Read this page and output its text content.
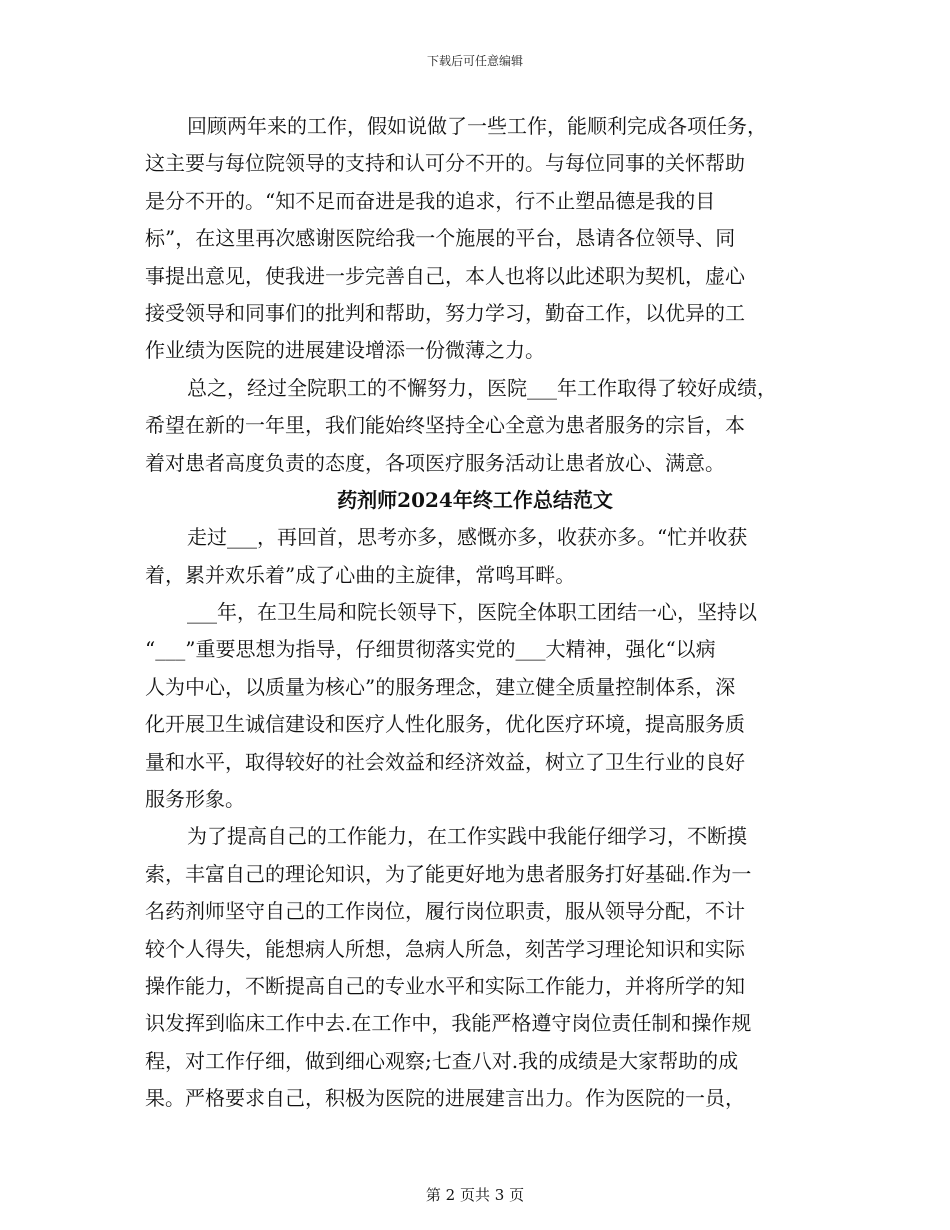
下载后可任意编辑
回顾两年来的工作，假如说做了一些工作，能顺利完成各项任务，
这主要与每位院领导的支持和认可分不开的。与每位同事的关怀帮助
是分不开的。“知不足而奋进是我的追求，行不止塑品德是我的目
标”，在这里再次感谢医院给我一个施展的平台，恳请各位领导、同
事提出意见，使我进一步完善自己，本人也将以此述职为契机，虚心
接受领导和同事们的批判和帮助，努力学习，勤奋工作，以优异的工
作业绩为医院的进展建设增添一份微薄之力。
总之，经过全院职工的不懈努力，医院___年工作取得了较好成绩，
希望在新的一年里，我们能始终坚持全心全意为患者服务的宗旨，本
着对患者高度负责的态度，各项医疗服务活动让患者放心、满意。
药剂师2024年终工作总结范文
走过___，再回首，思考亦多，感慨亦多，收获亦多。“忙并收获
着，累并欢乐着”成了心曲的主旋律，常鸣耳畔。
___年，在卫生局和院长领导下，医院全体职工团结一心，坚持以
“___”重要思想为指导，仔细贯彻落实党的___大精神，强化“以病
人为中心，以质量为核心”的服务理念，建立健全质量控制体系，深
化开展卫生诚信建设和医疗人性化服务，优化医疗环境，提高服务质
量和水平，取得较好的社会效益和经济效益，树立了卫生行业的良好
服务形象。
为了提高自己的工作能力，在工作实践中我能仔细学习，不断摸
索，丰富自己的理论知识，为了能更好地为患者服务打好基础.作为一
名药剂师坚守自己的工作岗位，履行岗位职责，服从领导分配，不计
较个人得失，能想病人所想，急病人所急，刻苦学习理论知识和实际
操作能力，不断提高自己的专业水平和实际工作能力，并将所学的知
识发挥到临床工作中去.在工作中，我能严格遵守岗位责任制和操作规
程，对工作仔细，做到细心观察;七查八对.我的成绩是大家帮助的成
果。严格要求自己，积极为医院的进展建言出力。作为医院的一员，
第 2 页共 3 页
